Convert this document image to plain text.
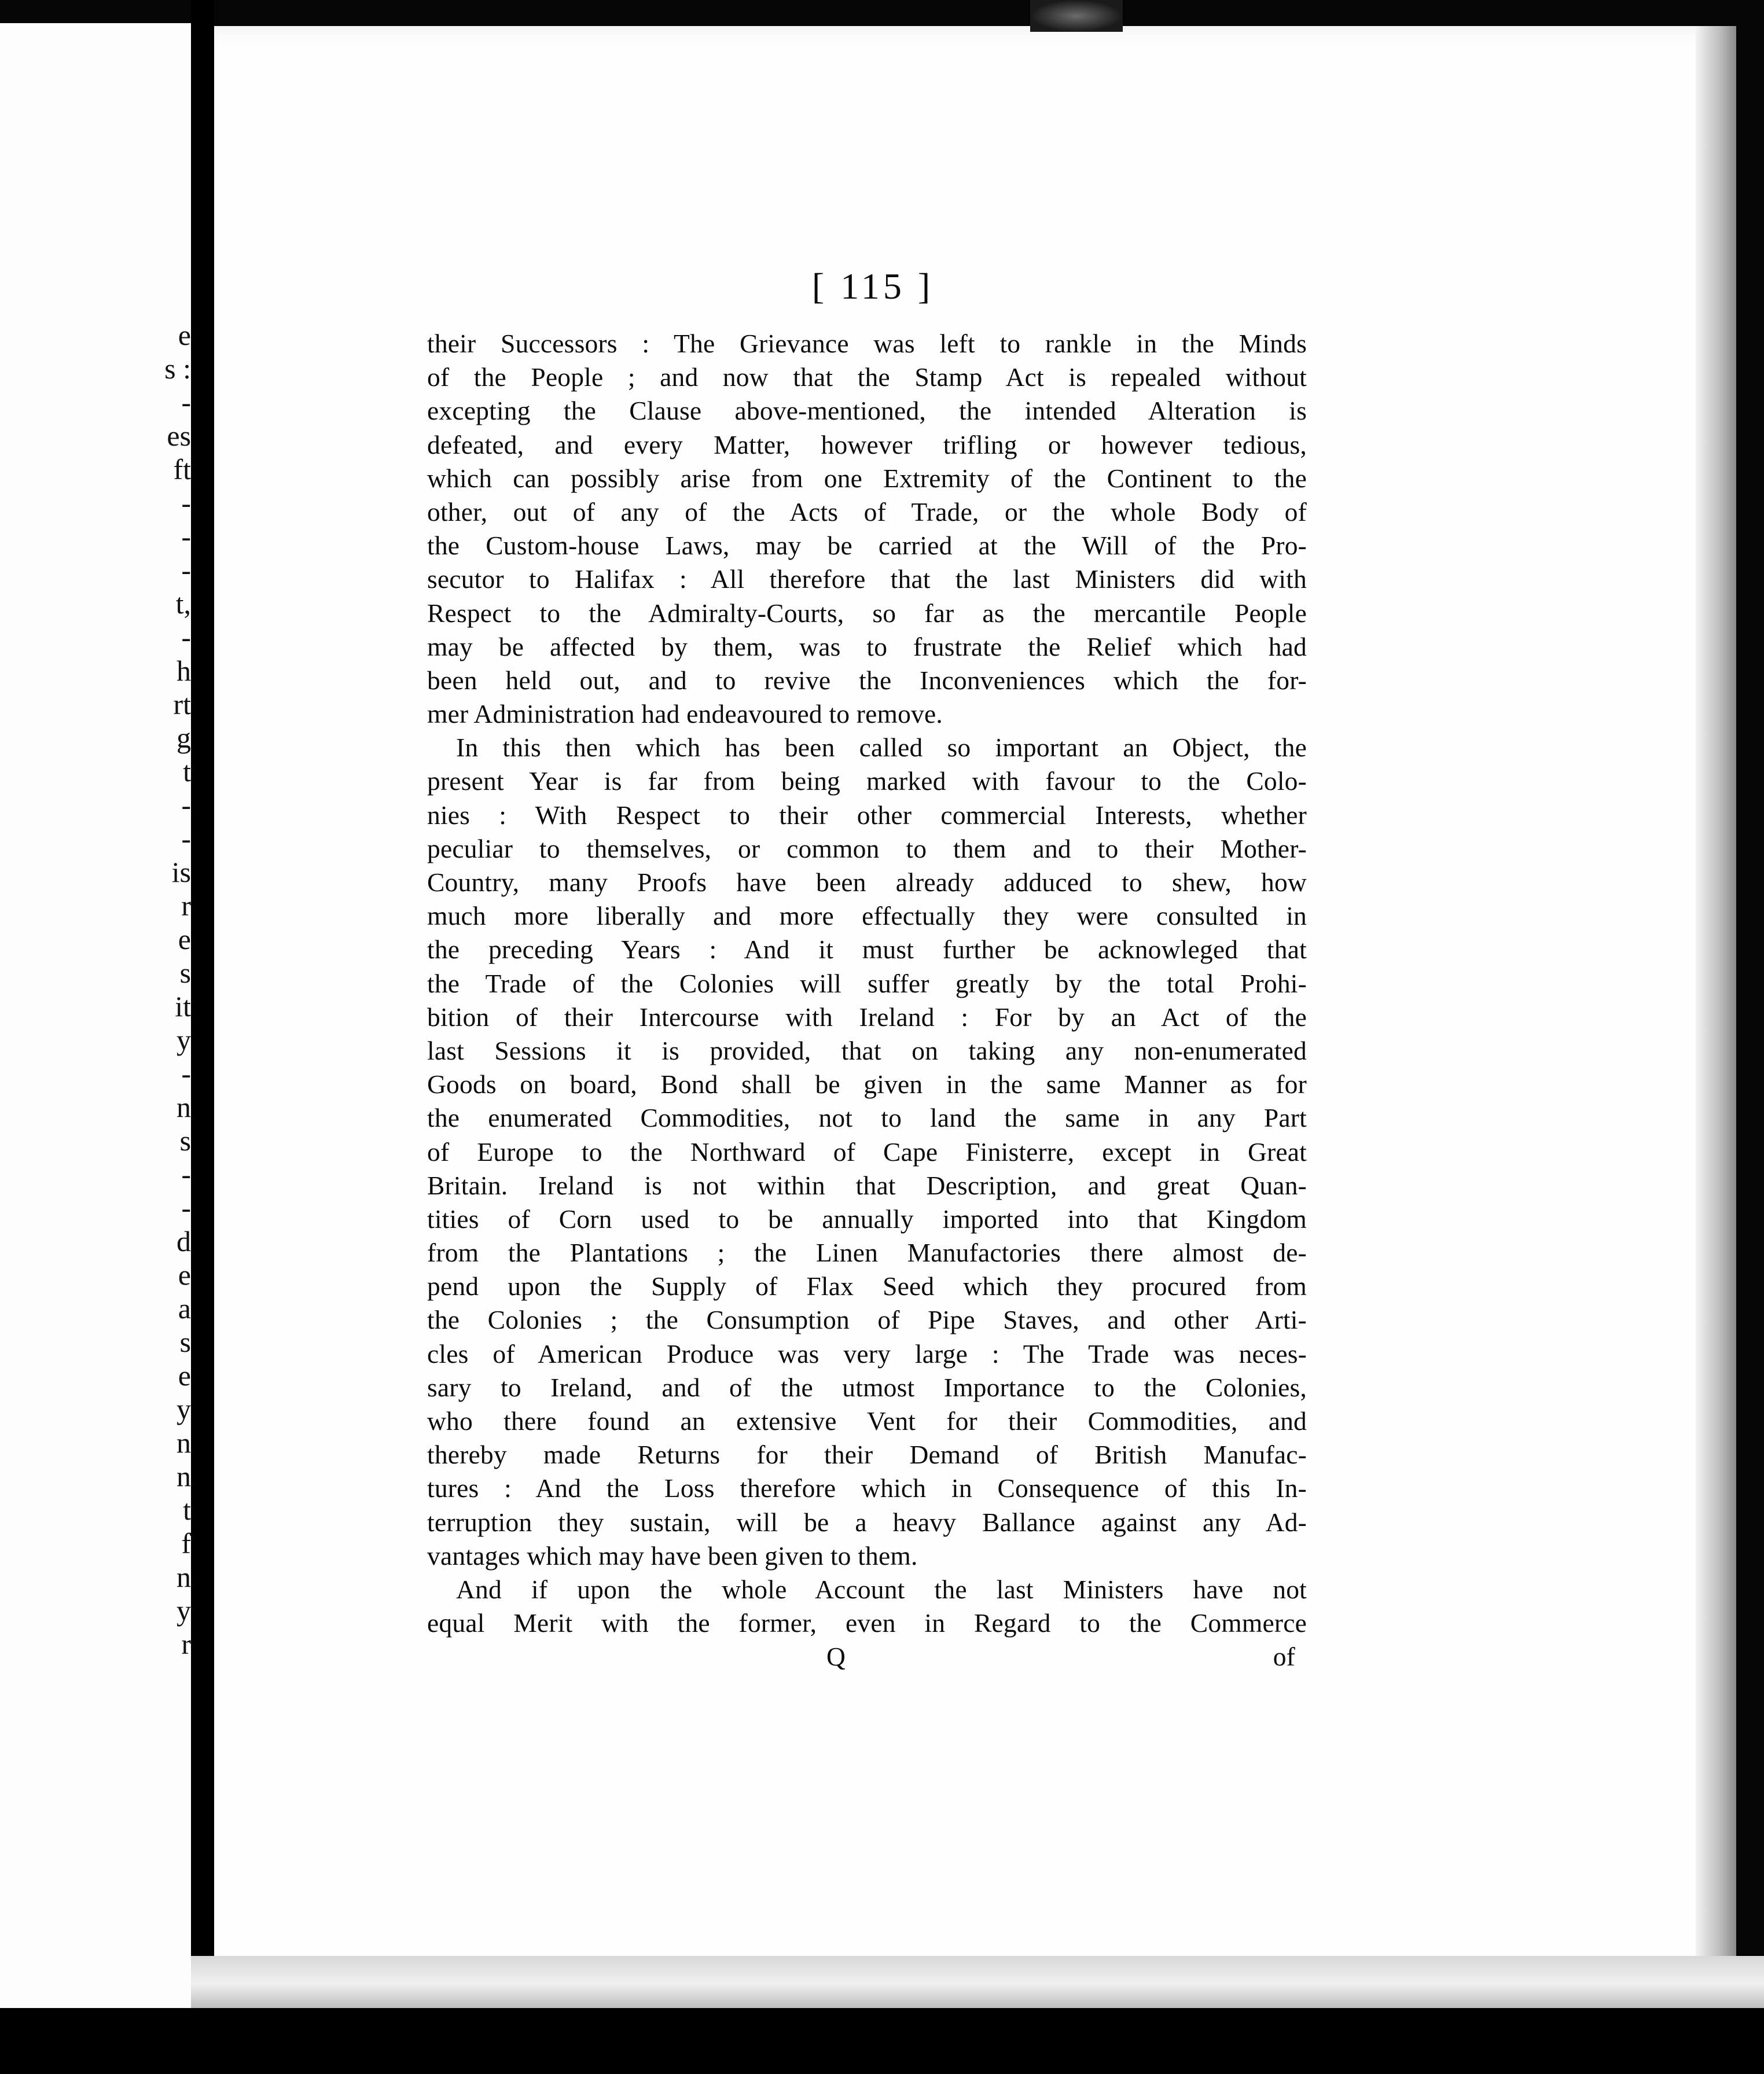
e
s :
-
es
ft
-
-
-
t,
-
h
rt
g
t
-
-
is
r
e
s
it
y
-
n
s
-
-
d
e
a
s
e
y
n
n
t
f
n
y
r
[ 115 ]
their Successors : The Grievance was left to rankle in the Minds
of the People ; and now that the Stamp Act is repealed without
excepting the Clause above-mentioned, the intended Alteration is
defeated, and every Matter, however trifling or however tedious,
which can possibly arise from one Extremity of the Continent to the
other, out of any of the Acts of Trade, or the whole Body of
the Custom-house Laws, may be carried at the Will of the Pro-
secutor to Halifax : All therefore that the last Ministers did with
Respect to the Admiralty-Courts, so far as the mercantile People
may be affected by them, was to frustrate the Relief which had
been held out, and to revive the Inconveniences which the for-
mer Administration had endeavoured to remove.
In this then which has been called so important an Object, the
present Year is far from being marked with favour to the Colo-
nies : With Respect to their other commercial Interests, whether
peculiar to themselves, or common to them and to their Mother-
Country, many Proofs have been already adduced to shew, how
much more liberally and more effectually they were consulted in
the preceding Years : And it must further be acknowleged that
the Trade of the Colonies will suffer greatly by the total Prohi-
bition of their Intercourse with Ireland : For by an Act of the
last Sessions it is provided, that on taking any non-enumerated
Goods on board, Bond shall be given in the same Manner as for
the enumerated Commodities, not to land the same in any Part
of Europe to the Northward of Cape Finisterre, except in Great
Britain. Ireland is not within that Description, and great Quan-
tities of Corn used to be annually imported into that Kingdom
from the Plantations ; the Linen Manufactories there almost de-
pend upon the Supply of Flax Seed which they procured from
the Colonies ; the Consumption of Pipe Staves, and other Arti-
cles of American Produce was very large : The Trade was neces-
sary to Ireland, and of the utmost Importance to the Colonies,
who there found an extensive Vent for their Commodities, and
thereby made Returns for their Demand of British Manufac-
tures : And the Loss therefore which in Consequence of this In-
terruption they sustain, will be a heavy Ballance against any Ad-
vantages which may have been given to them.
And if upon the whole Account the last Ministers have not
equal Merit with the former, even in Regard to the Commerce
Q	of
